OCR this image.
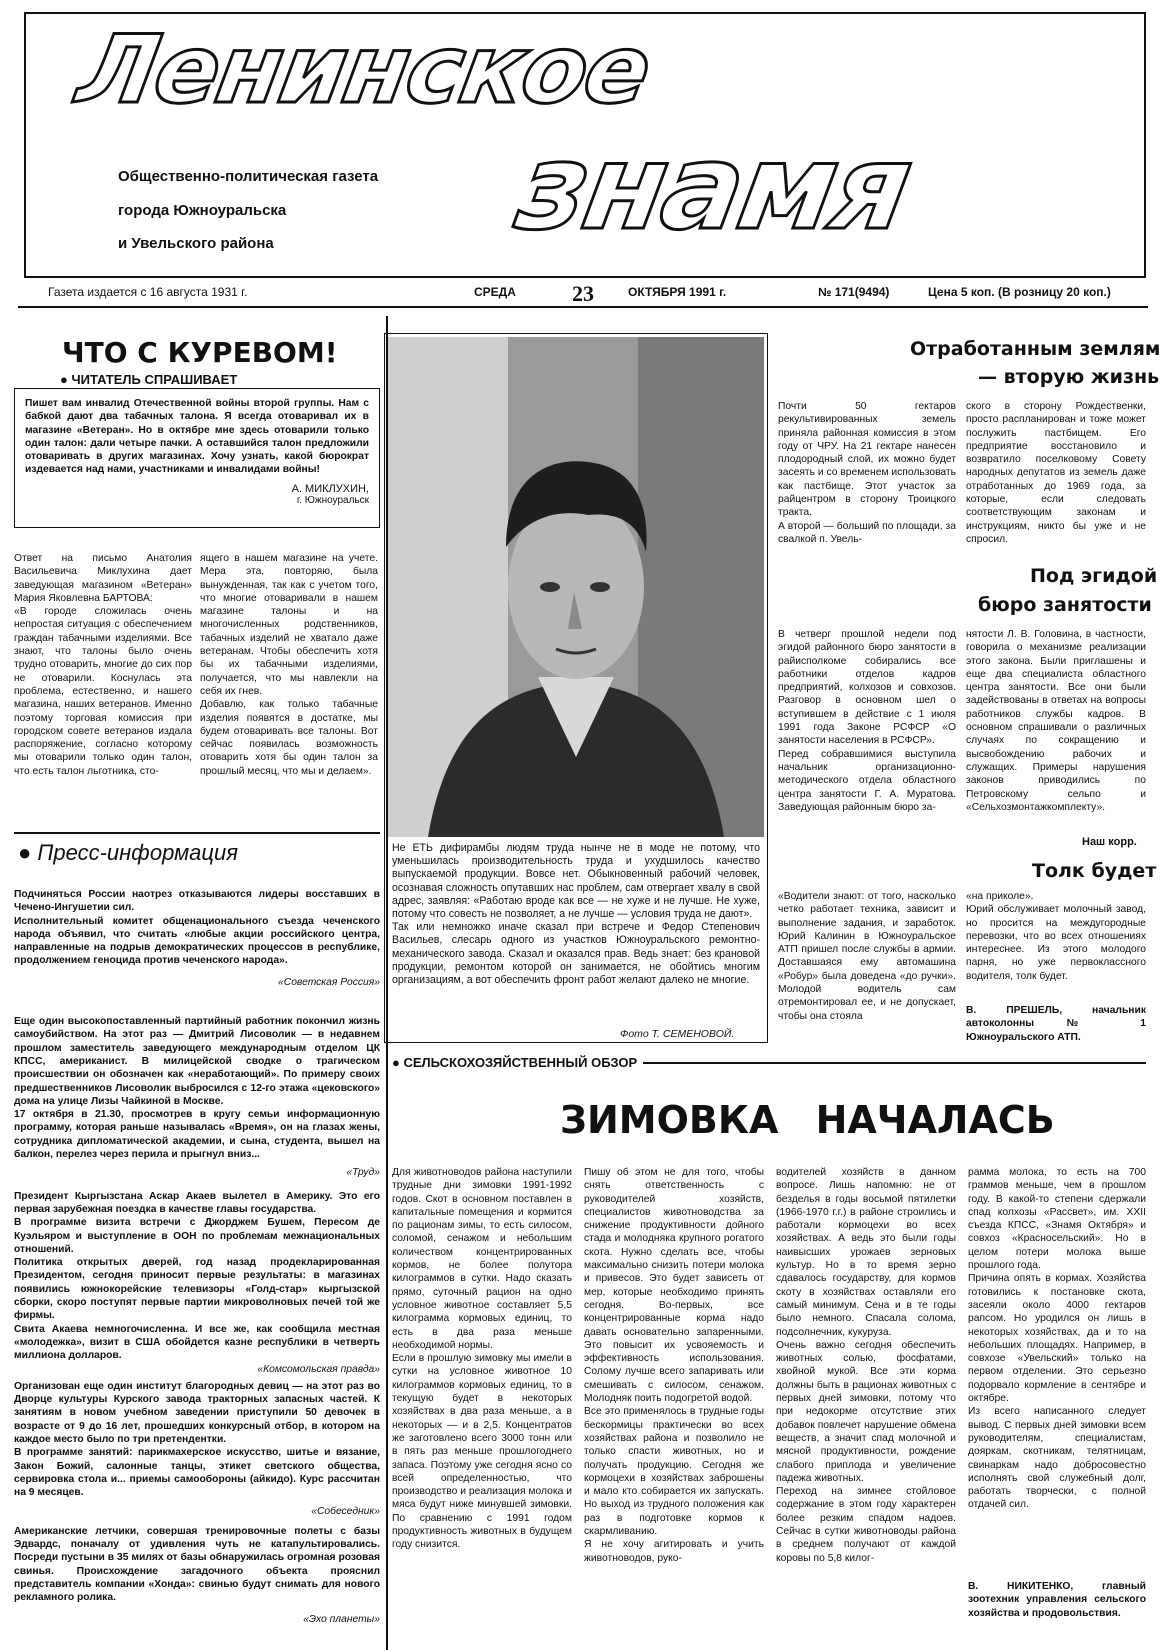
Ленинское
знамя
Общественно-политическая газета
города Южноуральска
и Увельского района
Газета издается с 16 августа 1931 г.	СРЕДА	23	ОКТЯБРЯ 1991 г.	№ 171(9494)	Цена 5 коп. (В розницу 20 коп.)
ЧТО С КУРЕВОМ!
● ЧИТАТЕЛЬ СПРАШИВАЕТ

Пишет вам инвалид Отечественной войны второй группы. Нам с бабкой дают два табачных талона. Я всегда отоваривал их в магазине «Ветеран». Но в октябре мне здесь отоварили только один талон: дали четыре пачки. А оставшийся талон предложили отоваривать в других магазинах. Хочу узнать, какой бюрократ издевается над нами, участниками и инвалидами войны!

А. МИКЛУХИН,
г. Южноуральск

Ответ на письмо Анатолия Васильевича Миклухина дает заведующая магазином «Ветеран» Мария Яковлевна БАРТОВА:
«В городе сложилась очень непростая ситуация с обеспечением граждан табачными изделиями. Все знают, что талоны было очень трудно отоварить, многие до сих пор не отоварили. Коснулась эта проблема, естественно, и нашего магазина, наших ветеранов. Именно поэтому торговая комиссия при городском совете ветеранов издала распоряжение, согласно которому мы отоварили только один талон, что есть талон льготника, сто-

ящего в нашем магазине на учете. Мера эта, повторяю, была вынужденная, так как с учетом того, что многие отоваривали в нашем магазине талоны и на многочисленных родственников, табачных изделий не хватало даже ветеранам. Чтобы обеспечить хотя бы их табачными изделиями, получается, что мы навлекли на себя их гнев.
Добавлю, как только табачные изделия появятся в достатке, мы будем отоваривать все талоны. Вот сейчас появилась возможность отоварить хотя бы один талон за прошлый месяц, что мы и делаем».

● Пресс-информация

Подчиняться России наотрез отказываются лидеры восставших в Чечено-Ингушетии сил.
Исполнительный комитет общенационального съезда чеченского народа объявил, что считать «любые акции российского центра, направленные на подрыв демократических процессов в республике, продолжением геноцида против чеченского народа».

«Советская Россия»

Еще один высокопоставленный партийный работник покончил жизнь самоубийством. На этот раз — Дмитрий Лисоволик — в недавнем прошлом заместитель заведующего международным отделом ЦК КПСС, американист. В милицейской сводке о трагическом происшествии он обозначен как «неработающий». По примеру своих предшественников Лисоволик выбросился с 12-го этажа «цековского» дома на улице Лизы Чайкиной в Москве.
17 октября в 21.30, просмотрев в кругу семьи информационную программу, которая раньше называлась «Время», он на глазах жены, сотрудника дипломатической академии, и сына, студента, вышел на балкон, перелез через перила и прыгнул вниз...

«Труд»

Президент Кыргызстана Аскар Акаев вылетел в Америку. Это его первая зарубежная поездка в качестве главы государства.
В программе визита встречи с Джорджем Бушем, Пересом де Куэльяром и выступление в ООН по проблемам межнациональных отношений.
Политика открытых дверей, год назад продекларированная Президентом, сегодня приносит первые результаты: в магазинах появились южнокорейские телевизоры «Голд-стар» кыргызской сборки, скоро поступят первые партии микроволновых печей той же фирмы.
Свита Акаева немногочисленна. И все же, как сообщила местная «молодежка», визит в США обойдется казне республики в четверть миллиона долларов.

«Комсомольская правда»

Организован еще один институт благородных девиц — на этот раз во Дворце культуры Курского завода тракторных запасных частей. К занятиям в новом учебном заведении приступили 50 девочек в возрасте от 9 до 16 лет, прошедших конкурсный отбор, в котором на каждое место было по три претендентки.
В программе занятий: парикмахерское искусство, шитье и вязание, Закон Божий, салонные танцы, этикет светского общества, сервировка стола и... приемы самообороны (айкидо). Курс рассчитан на 9 месяцев.

«Собеседник»

Американские летчики, совершая тренировочные полеты с базы Эдвардс, поначалу от удивления чуть не катапультировались. Посреди пустыни в 35 милях от базы обнаружилась огромная розовая свинья. Происхождение загадочного объекта прояснил представитель компании «Хонда»: свинью будут снимать для нового рекламного ролика.

«Эхо планеты»

Не ЕТЬ дифирамбы людям труда нынче не в моде не потому, что уменьшилась производительность труда и ухудшилось качество выпускаемой продукции. Вовсе нет. Обыкновенный рабочий человек, осознавая сложность опутавших нас проблем, сам отвергает хвалу в свой адрес, заявляя: «Работаю вроде как все — не хуже и не лучше. Не хуже, потому что совесть не позволяет, а не лучше — условия труда не дают».
Так или немножко иначе сказал при встрече и Федор Степенович Васильев, слесарь одного из участков Южноуральского ремонтно-механического завода. Сказал и оказался прав. Ведь знает: без крановой продукции, ремонтом которой он занимается, не обойтись многим организациям, а вот обеспечить фронт работ желают далеко не многие.

Фото Т. СЕМЕНОВОЙ.
Отработанным землям
— вторую жизнь

Почти 50 гектаров рекультивированных земель приняла районная комиссия в этом году от ЧРУ. На 21 гектаре нанесен плодородный слой, их можно будет засеять и со временем использовать как пастбище. Этот участок за райцентром в сторону Троицкого тракта.
А второй — больший по площади, за свалкой п. Увель-

ского в сторону Рождественки, просто распланирован и тоже может послужить пастбищем. Его предприятие восстановило и возвратило поселковому Совету народных депутатов из земель даже отработанных до 1969 года, за которые, если следовать соответствующим законам и инструкциям, никто бы уже и не спросил.

Под эгидой
бюро занятости

В четверг прошлой недели под эгидой районного бюро занятости в райисполкоме собирались все работники отделов кадров предприятий, колхозов и совхозов. Разговор в основном шел о вступившем в действие с 1 июля 1991 года Законе РСФСР «О занятости населения в РСФСР».
Перед собравшимися выступила начальник организационно-методического отдела областного центра занятости Г. А. Муратова. Заведующая районным бюро за-

нятости Л. В. Головина, в частности, говорила о механизме реализации этого закона. Были приглашены и еще два специалиста областного центра занятости. Все они были задействованы в ответах на вопросы работников службы кадров. В основном спрашивали о различных случаях по сокращению и высвобождению рабочих и служащих. Примеры нарушения законов приводились по Петровскому сельпо и «Сельхозмонтажкомплекту».

Наш корр.
Толк будет

«Водители знают: от того, насколько четко работает техника, зависит и выполнение задания, и заработок. Юрий Калинин в Южноуральское АТП пришел после службы в армии. Доставшаяся ему автомашина «Робур» была доведена «до ручки». Молодой водитель сам отремонтировал ее, и не допускает, чтобы она стояла

«на приколе».
Юрий обслуживает молочный завод, но просится на междугородные перевозки, что во всех отношениях интереснее. Из этого молодого парня, но уже первоклассного водителя, толк будет.

В. ПРЕШЕЛЬ, начальник автоколонны № 1 Южноуральского АТП.

● СЕЛЬСКОХОЗЯЙСТВЕННЫЙ ОБЗОР
ЗИМОВКА НАЧАЛАСЬ

Для животноводов района наступили трудные дни зимовки 1991-1992 годов. Скот в основном поставлен в капитальные помещения и кормится по рационам зимы, то есть силосом, соломой, сенажом и небольшим количеством концентрированных кормов, не более полутора килограммов в сутки. Надо сказать прямо, суточный рацион на одно условное животное составляет 5,5 килограмма кормовых единиц, то есть в два раза меньше необходимой нормы.
Если в прошлую зимовку мы имели в сутки на условное животное 10 килограммов кормовых единиц, то в текущую будет в некоторых хозяйствах в два раза меньше, а в некоторых — и в 2,5. Концентратов же заготовлено всего 3000 тонн или в пять раз меньше прошлогоднего запаса. Поэтому уже сегодня ясно со всей определенностью, что производство и реализация молока и мяса будут ниже минувшей зимовки. По сравнению с 1991 годом продуктивность животных в будущем году снизится.

Пишу об этом не для того, чтобы снять ответственность с руководителей хозяйств, специалистов животноводства за снижение продуктивности дойного стада и молодняка крупного рогатого скота. Нужно сделать все, чтобы максимально снизить потери молока и привесов. Это будет зависеть от мер, которые необходимо принять сегодня. Во-первых, все концентрированные корма надо давать основательно запаренными. Это повысит их усвояемость и эффективность использования. Солому лучше всего запаривать или смешивать с силосом, сенажом. Молодняк поить подогретой водой.
Все это применялось в трудные годы бескормицы практически во всех хозяйствах района и позволило не только спасти животных, но и получать продукцию. Сегодня же кормоцехи в хозяйствах заброшены и мало кто собирается их запускать. Но выход из трудного положения как раз в подготовке кормов к скармливанию.
Я не хочу агитировать и учить животноводов, руко-

водителей хозяйств в данном вопросе. Лишь напомню: не от безделья в годы восьмой пятилетки (1966-1970 г.г.) в районе строились и работали кормоцехи во всех хозяйствах. А ведь это были годы наивысших урожаев зерновых культур. Но в то время зерно сдавалось государству, для кормов скоту в хозяйствах оставляли его самый минимум. Сена и в те годы было немного. Спасала солома, подсолнечник, кукуруза.
Очень важно сегодня обеспечить животных солью, фосфатами, хвойной мукой. Все эти корма должны быть в рационах животных с первых дней зимовки, потому что при недокорме отсутствие этих добавок повлечет нарушение обмена веществ, а значит спад молочной и мясной продуктивности, рождение слабого приплода и увеличение падежа животных.
Переход на зимнее стойловое содержание в этом году характерен более резким спадом надоев. Сейчас в сутки животноводы района в среднем получают от каждой коровы по 5,8 килог-

рамма молока, то есть на 700 граммов меньше, чем в прошлом году. В какой-то степени сдержали спад колхозы «Рассвет», им. XXII съезда КПСС, «Знамя Октября» и совхоз «Красносельский». Но в целом потери молока выше прошлого года.
Причина опять в кормах. Хозяйства готовились к постановке скота, засеяли около 4000 гектаров рапсом. Но уродился он лишь в некоторых хозяйствах, да и то на небольших площадях. Например, в совхозе «Увельский» только на первом отделении. Это серьезно подорвало кормление в сентябре и октябре.
Из всего написанного следует вывод. С первых дней зимовки всем руководителям, специалистам, дояркам, скотникам, телятницам, свинаркам надо добросовестно исполнять свой служебный долг, работать творчески, с полной отдачей сил.

В. НИКИТЕНКО, главный зоотехник управления сельского хозяйства и продовольствия.
